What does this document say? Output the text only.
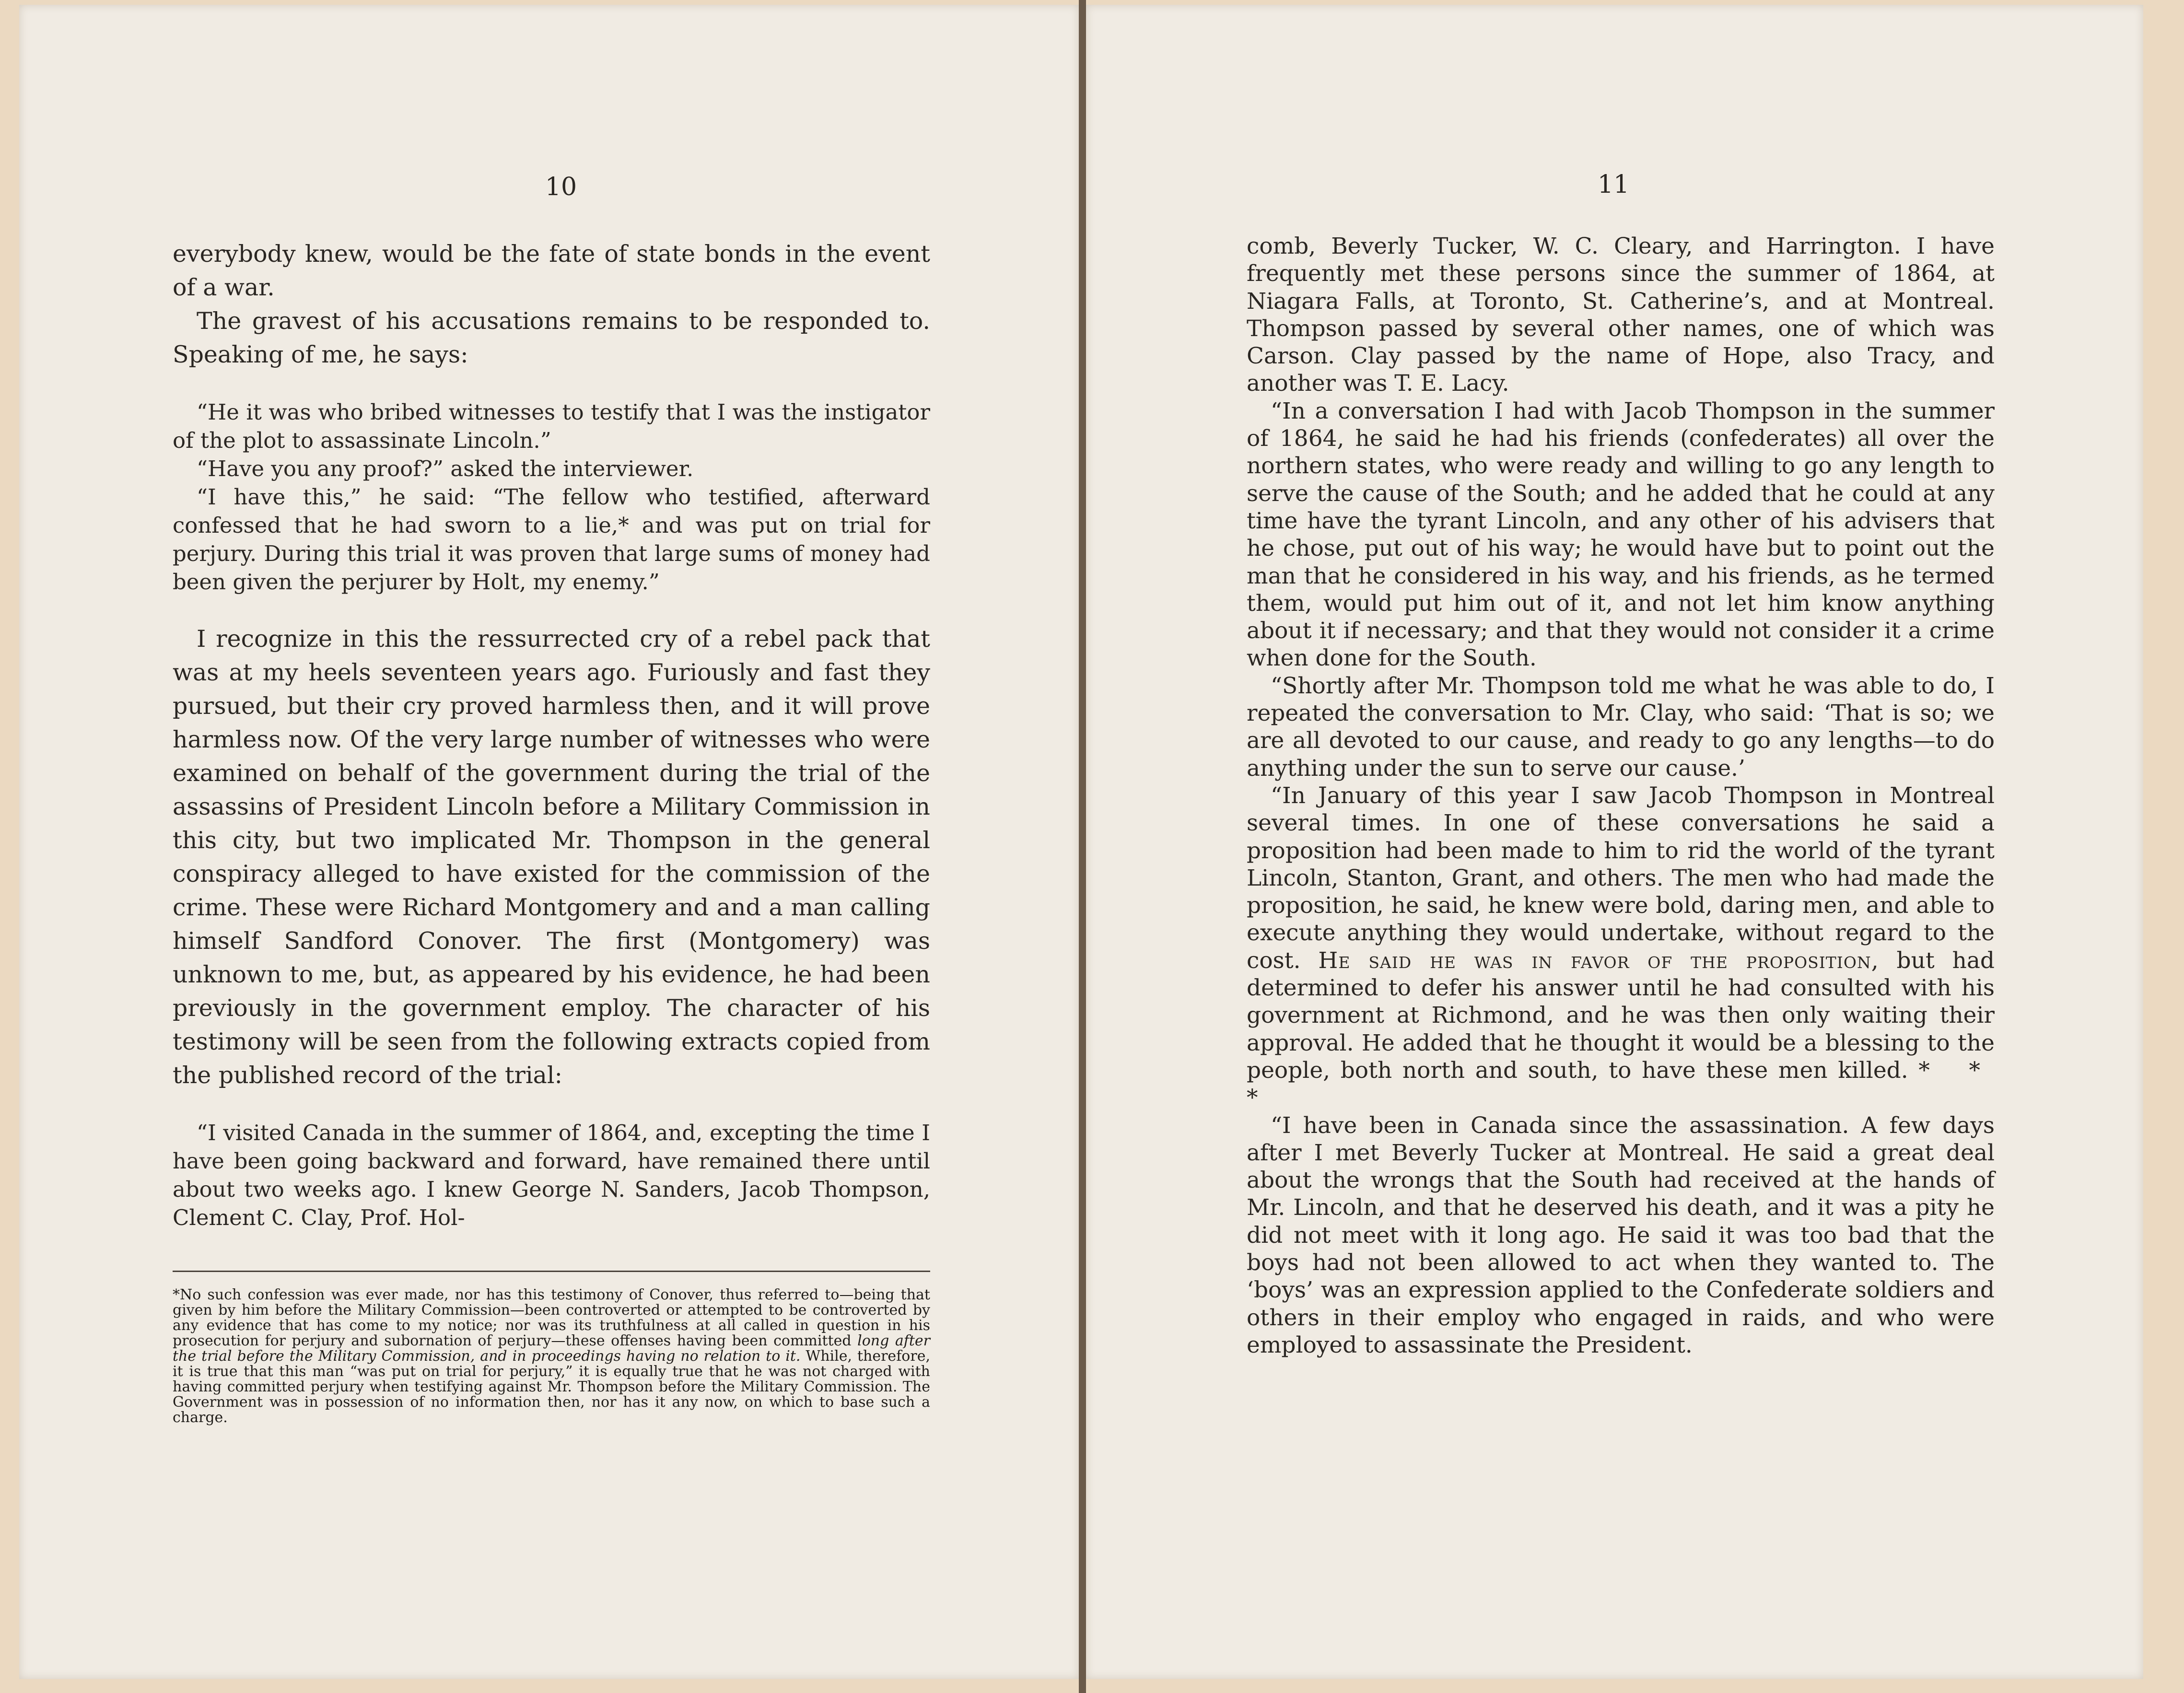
10

everybody knew, would be the fate of state bonds in the event of a war.

The gravest of his accusations remains to be responded to. Speaking of me, he says:

“He it was who bribed witnesses to testify that I was the instigator of the plot to assassinate Lincoln.”

“Have you any proof?” asked the interviewer.

“I have this,” he said: “The fellow who testified, afterward confessed that he had sworn to a lie,* and was put on trial for perjury. During this trial it was proven that large sums of money had been given the perjurer by Holt, my enemy.”

I recognize in this the ressurrected cry of a rebel pack that was at my heels seventeen years ago. Furiously and fast they pursued, but their cry proved harmless then, and it will prove harmless now. Of the very large number of witnesses who were examined on behalf of the government during the trial of the assassins of President Lincoln before a Military Commission in this city, but two implicated Mr. Thompson in the general conspiracy alleged to have existed for the commission of the crime. These were Richard Montgomery and and a man calling himself Sandford Conover. The first (Montgomery) was unknown to me, but, as appeared by his evidence, he had been previously in the government employ. The character of his testimony will be seen from the following extracts copied from the published record of the trial:

“I visited Canada in the summer of 1864, and, excepting the time I have been going backward and forward, have remained there until about two weeks ago. I knew George N. Sanders, Jacob Thompson, Clement C. Clay, Prof. Hol-

*No such confession was ever made, nor has this testimony of Conover, thus referred to—being that given by him before the Military Commission—been controverted or attempted to be controverted by any evidence that has come to my notice; nor was its truthfulness at all called in question in his prosecution for perjury and subornation of perjury—these offenses having been committed long after the trial before the Military Commission, and in proceedings having no relation to it. While, therefore, it is true that this man “was put on trial for perjury,” it is equally true that he was not charged with having committed perjury when testifying against Mr. Thompson before the Military Commission. The Government was in possession of no information then, nor has it any now, on which to base such a charge.
11

comb, Beverly Tucker, W. C. Cleary, and Harrington. I have frequently met these persons since the summer of 1864, at Niagara Falls, at Toronto, St. Catherine’s, and at Montreal. Thompson passed by several other names, one of which was Carson. Clay passed by the name of Hope, also Tracy, and another was T. E. Lacy.

“In a conversation I had with Jacob Thompson in the summer of 1864, he said he had his friends (confederates) all over the northern states, who were ready and willing to go any length to serve the cause of the South; and he added that he could at any time have the tyrant Lincoln, and any other of his advisers that he chose, put out of his way; he would have but to point out the man that he considered in his way, and his friends, as he termed them, would put him out of it, and not let him know anything about it if necessary; and that they would not consider it a crime when done for the South.

“Shortly after Mr. Thompson told me what he was able to do, I repeated the conversation to Mr. Clay, who said: ‘That is so; we are all devoted to our cause, and ready to go any lengths—to do anything under the sun to serve our cause.’

“In January of this year I saw Jacob Thompson in Montreal several times. In one of these conversations he said a proposition had been made to him to rid the world of the tyrant Lincoln, Stanton, Grant, and others. The men who had made the proposition, he said, he knew were bold, daring men, and able to execute anything they would undertake, without regard to the cost. He said he was in favor of the proposition, but had determined to defer his answer until he had consulted with his government at Richmond, and he was then only waiting their approval. He added that he thought it would be a blessing to the people, both north and south, to have these men killed. * * *

“I have been in Canada since the assassination. A few days after I met Beverly Tucker at Montreal. He said a great deal about the wrongs that the South had received at the hands of Mr. Lincoln, and that he deserved his death, and it was a pity he did not meet with it long ago. He said it was too bad that the boys had not been allowed to act when they wanted to. The ‘boys’ was an expression applied to the Confederate soldiers and others in their employ who engaged in raids, and who were employed to assassinate the President.
